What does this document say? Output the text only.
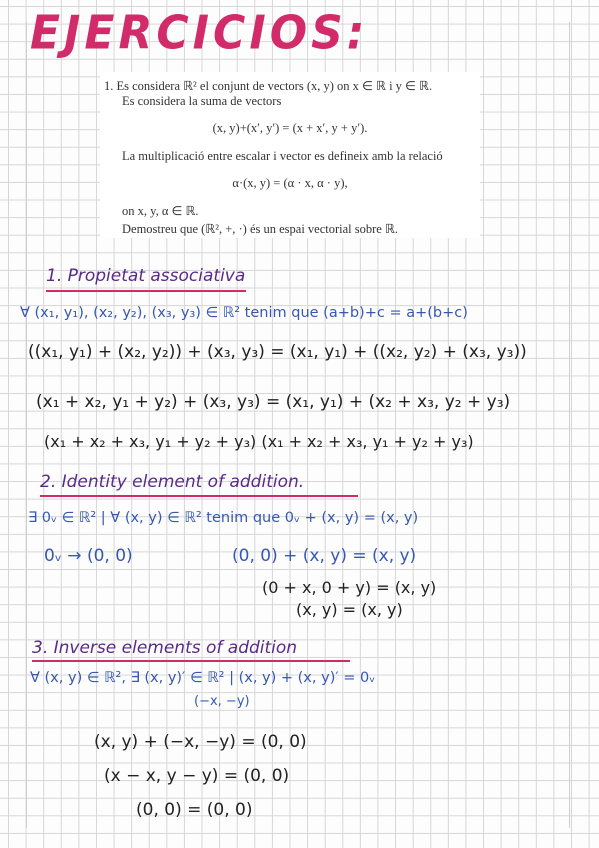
EJERCICIOS:
1. Es considera ℝ² el conjunt de vectors (x, y) on x ∈ ℝ i y ∈ ℝ.
Es considera la suma de vectors
(x, y)+(x′, y′) = (x + x′, y + y′).
La multiplicació entre escalar i vector es defineix amb la relació
α·(x, y) = (α · x, α · y),
on x, y, α ∈ ℝ.
Demostreu que (ℝ², +, ·) és un espai vectorial sobre ℝ.
1. Propietat associativa
∀ (x₁, y₁), (x₂, y₂), (x₃, y₃) ∈ ℝ² tenim que (a+b)+c = a+(b+c)
((x₁, y₁) + (x₂, y₂)) + (x₃, y₃) = (x₁, y₁) + ((x₂, y₂) + (x₃, y₃))
(x₁ + x₂, y₁ + y₂) + (x₃, y₃) = (x₁, y₁) + (x₂ + x₃, y₂ + y₃)
(x₁ + x₂ + x₃, y₁ + y₂ + y₃) (x₁ + x₂ + x₃, y₁ + y₂ + y₃)
2. Identity element of addition.
∃ 0ᵥ ∈ ℝ² | ∀ (x, y) ∈ ℝ² tenim que 0ᵥ + (x, y) = (x, y)
0ᵥ → (0, 0)	(0, 0) + (x, y) = (x, y)
(0 + x, 0 + y) = (x, y)
(x, y) = (x, y)
3. Inverse elements of addition
∀ (x, y) ∈ ℝ², ∃ (x, y)′ ∈ ℝ² | (x, y) + (x, y)′ = 0ᵥ
(−x, −y)
(x, y) + (−x, −y) = (0, 0)
(x − x, y − y) = (0, 0)
(0, 0) = (0, 0)
